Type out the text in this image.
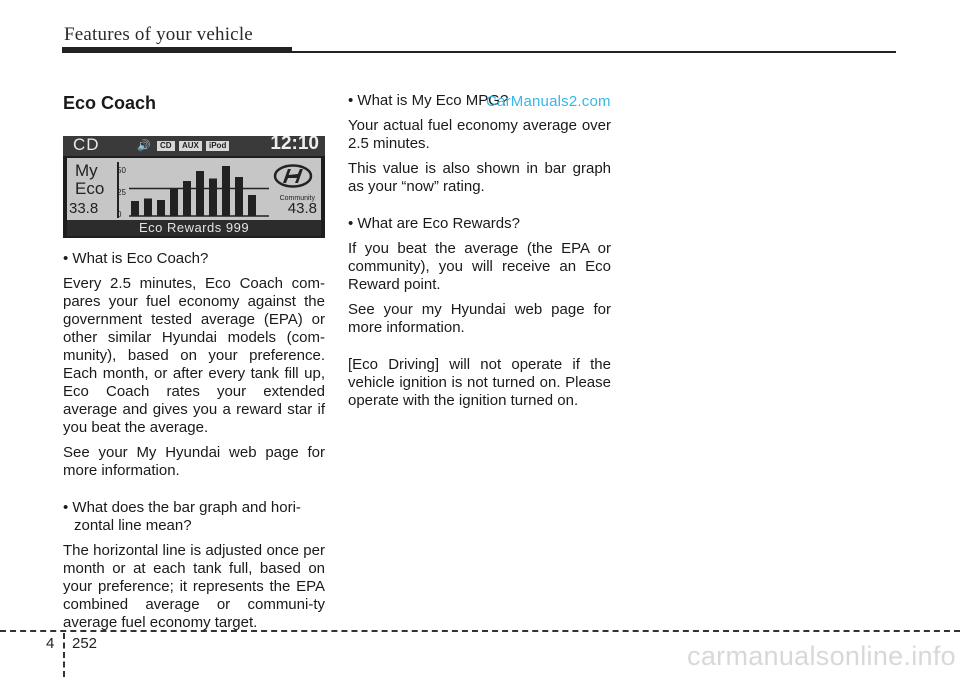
Features of your vehicle
Eco Coach
CD	🔊	CD	AUX	iPod 12:10
My
Eco
33.8
50
25
0
Community
43.8
Eco Rewards 999

• What is Eco Coach?

Every 2.5 minutes, Eco Coach com-pares your fuel economy against the government tested average (EPA) or other similar Hyundai models (com-munity), based on your preference. Each month, or after every tank fill up, Eco Coach rates your extended average and gives you a reward star if you beat the average.

See your My Hyundai web page for more information.

• What does the bar graph and hori-zontal line mean?

The horizontal line is adjusted once per month or at each tank full, based on your preference; it represents the EPA combined average or communi-ty average fuel economy target.

• What is My Eco MPG?

Your actual fuel economy average over 2.5 minutes.

This value is also shown in bar graph as your “now” rating.

• What are Eco Rewards?

If you beat the average (the EPA or community), you will receive an Eco Reward point.

See your my Hyundai web page for more information.

[Eco Driving] will not operate if the vehicle ignition is not turned on. Please operate with the ignition turned on.

CarManuals2.com
4 252	carmanualsonline.info
